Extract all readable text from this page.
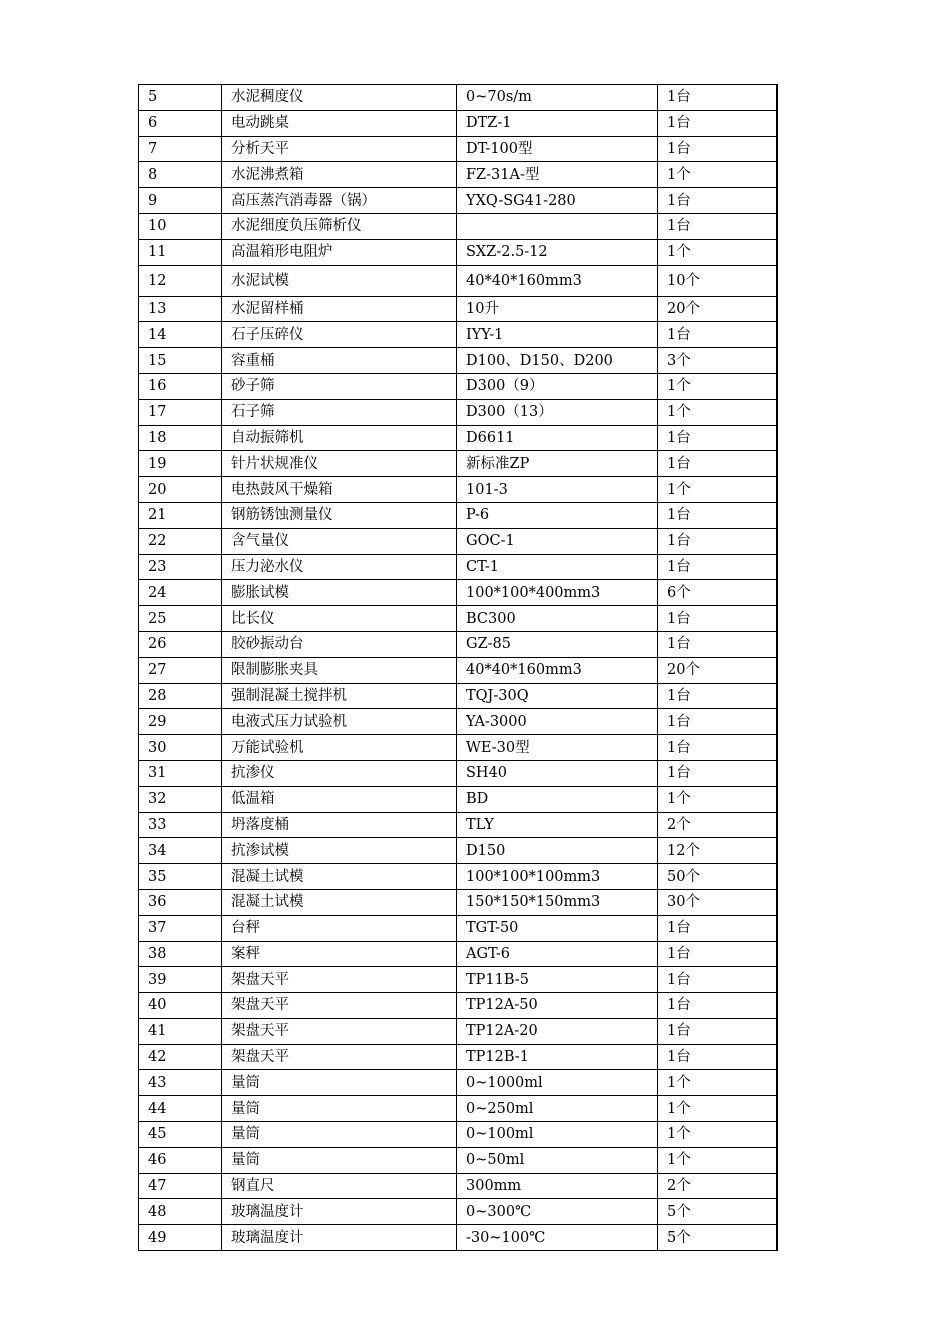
5	水泥稠度仪	0~70s/m	1台
6	电动跳桌	DTZ-1	1台
7	分析天平	DT-100型	1台
8	水泥沸煮箱	FZ-31A-型	1个
9	高压蒸汽消毒器（锅）	YXQ-SG41-280	1台
10	水泥细度负压筛析仪		1台
11	高温箱形电阻炉	SXZ-2.5-12	1个
12	水泥试模	40*40*160mm3	10个
13	水泥留样桶	10升	20个
14	石子压碎仪	IYY-1	1台
15	容重桶	D100、D150、D200	3个
16	砂子筛	D300（9）	1个
17	石子筛	D300（13）	1个
18	自动振筛机	D6611	1台
19	针片状规准仪	新标准ZP	1台
20	电热鼓风干燥箱	101-3	1个
21	钢筋锈蚀测量仪	P-6	1台
22	含气量仪	GOC-1	1台
23	压力泌水仪	CT-1	1台
24	膨胀试模	100*100*400mm3	6个
25	比长仪	BC300	1台
26	胶砂振动台	GZ-85	1台
27	限制膨胀夹具	40*40*160mm3	20个
28	强制混凝土搅拌机	TQJ-30Q	1台
29	电液式压力试验机	YA-3000	1台
30	万能试验机	WE-30型	1台
31	抗渗仪	SH40	1台
32	低温箱	BD	1个
33	坍落度桶	TLY	2个
34	抗渗试模	D150	12个
35	混凝土试模	100*100*100mm3	50个
36	混凝土试模	150*150*150mm3	30个
37	台秤	TGT-50	1台
38	案秤	AGT-6	1台
39	架盘天平	TP11B-5	1台
40	架盘天平	TP12A-50	1台
41	架盘天平	TP12A-20	1台
42	架盘天平	TP12B-1	1台
43	量筒	0~1000ml	1个
44	量筒	0~250ml	1个
45	量筒	0~100ml	1个
46	量筒	0~50ml	1个
47	钢直尺	300mm	2个
48	玻璃温度计	0~300℃	5个
49	玻璃温度计	-30~100℃	5个
